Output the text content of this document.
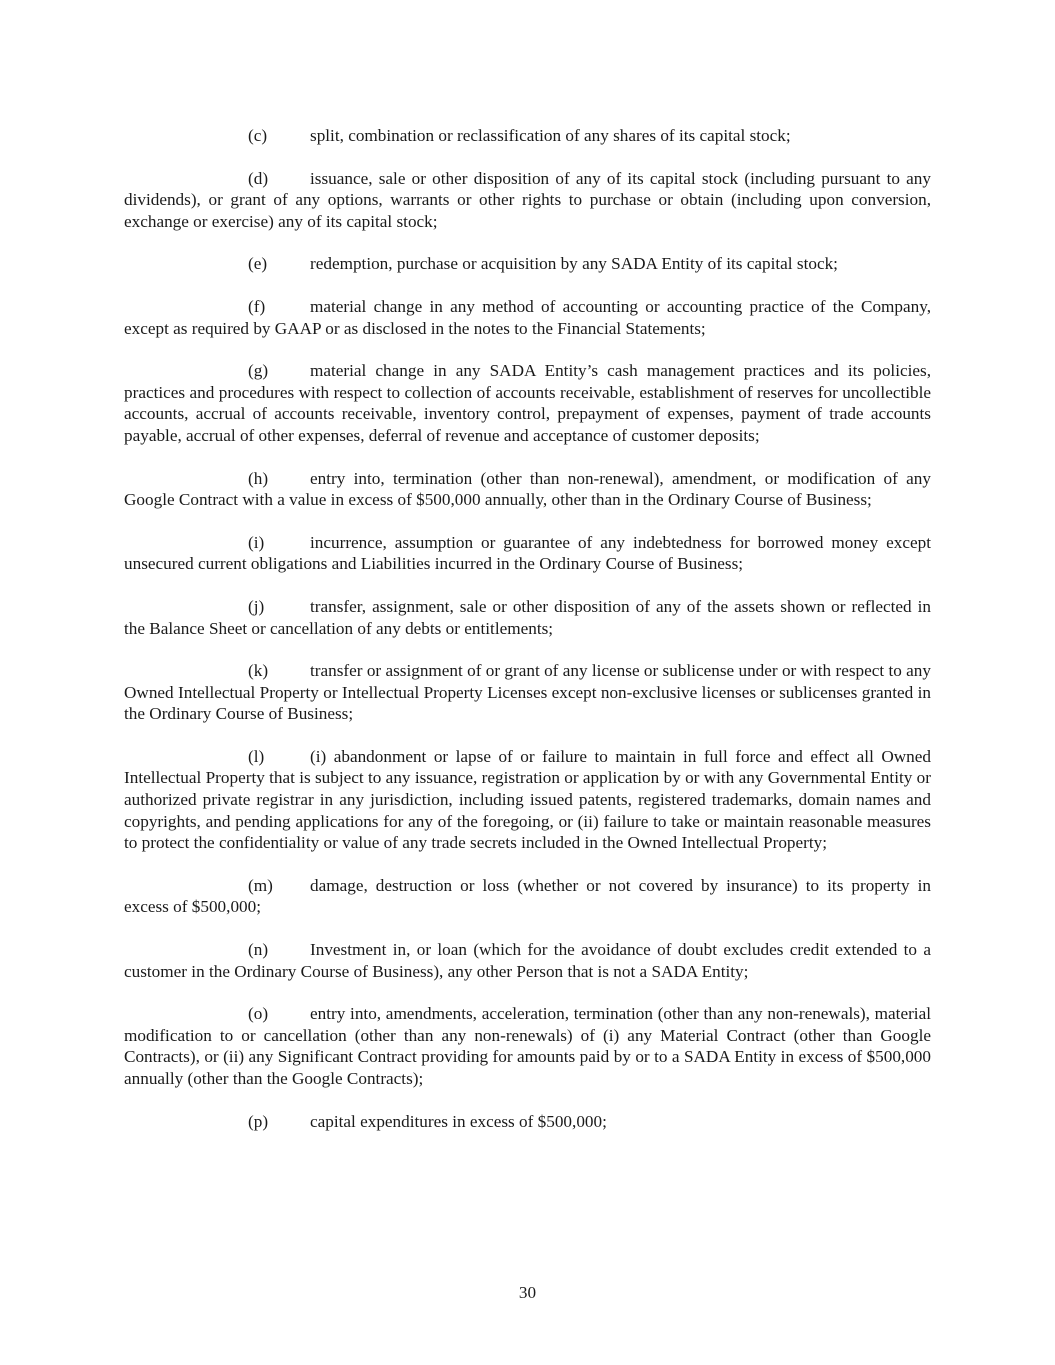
(c) split, combination or reclassification of any shares of its capital stock;

(d) issuance, sale or other disposition of any of its capital stock (including pursuant to any dividends), or grant of any options, warrants or other rights to purchase or obtain (including upon conversion, exchange or exercise) any of its capital stock;

(e) redemption, purchase or acquisition by any SADA Entity of its capital stock;

(f)	material change in any method of accounting or accounting practice of the Company, except as required by GAAP or as disclosed in the notes to the Financial Statements;

(g) material change in any SADA Entity’s cash management practices and its policies, practices and procedures with respect to collection of accounts receivable, establishment of reserves for uncollectible accounts, accrual of accounts receivable, inventory control, prepayment of expenses, payment of trade accounts payable, accrual of other expenses, deferral of revenue and acceptance of customer deposits;

(h) entry into, termination (other than non-renewal), amendment, or modification of any Google Contract with a value in excess of $500,000 annually, other than in the Ordinary Course of Business;

(i)	incurrence, assumption or guarantee of any indebtedness for borrowed money except unsecured current obligations and Liabilities incurred in the Ordinary Course of Business;

(j)	transfer, assignment, sale or other disposition of any of the assets shown or reflected in the Balance Sheet or cancellation of any debts or entitlements;

(k) transfer or assignment of or grant of any license or sublicense under or with respect to any Owned Intellectual Property or Intellectual Property Licenses except non-exclusive licenses or sublicenses granted in the Ordinary Course of Business;

(l)	(i) abandonment or lapse of or failure to maintain in full force and effect all Owned Intellectual Property that is subject to any issuance, registration or application by or with any Governmental Entity or authorized private registrar in any jurisdiction, including issued patents, registered trademarks, domain names and copyrights, and pending applications for any of the foregoing, or (ii) failure to take or maintain reasonable measures to protect the confidentiality or value of any trade secrets included in the Owned Intellectual Property;

(m) damage, destruction or loss (whether or not covered by insurance) to its property in excess of $500,000;

(n) Investment in, or loan (which for the avoidance of doubt excludes credit extended to a customer in the Ordinary Course of Business), any other Person that is not a SADA Entity;

(o) entry into, amendments, acceleration, termination (other than any non-renewals), material modification to or cancellation (other than any non-renewals) of (i) any Material Contract (other than Google Contracts), or (ii) any Significant Contract providing for amounts paid by or to a SADA Entity in excess of $500,000 annually (other than the Google Contracts);

(p) capital expenditures in excess of $500,000;

30
